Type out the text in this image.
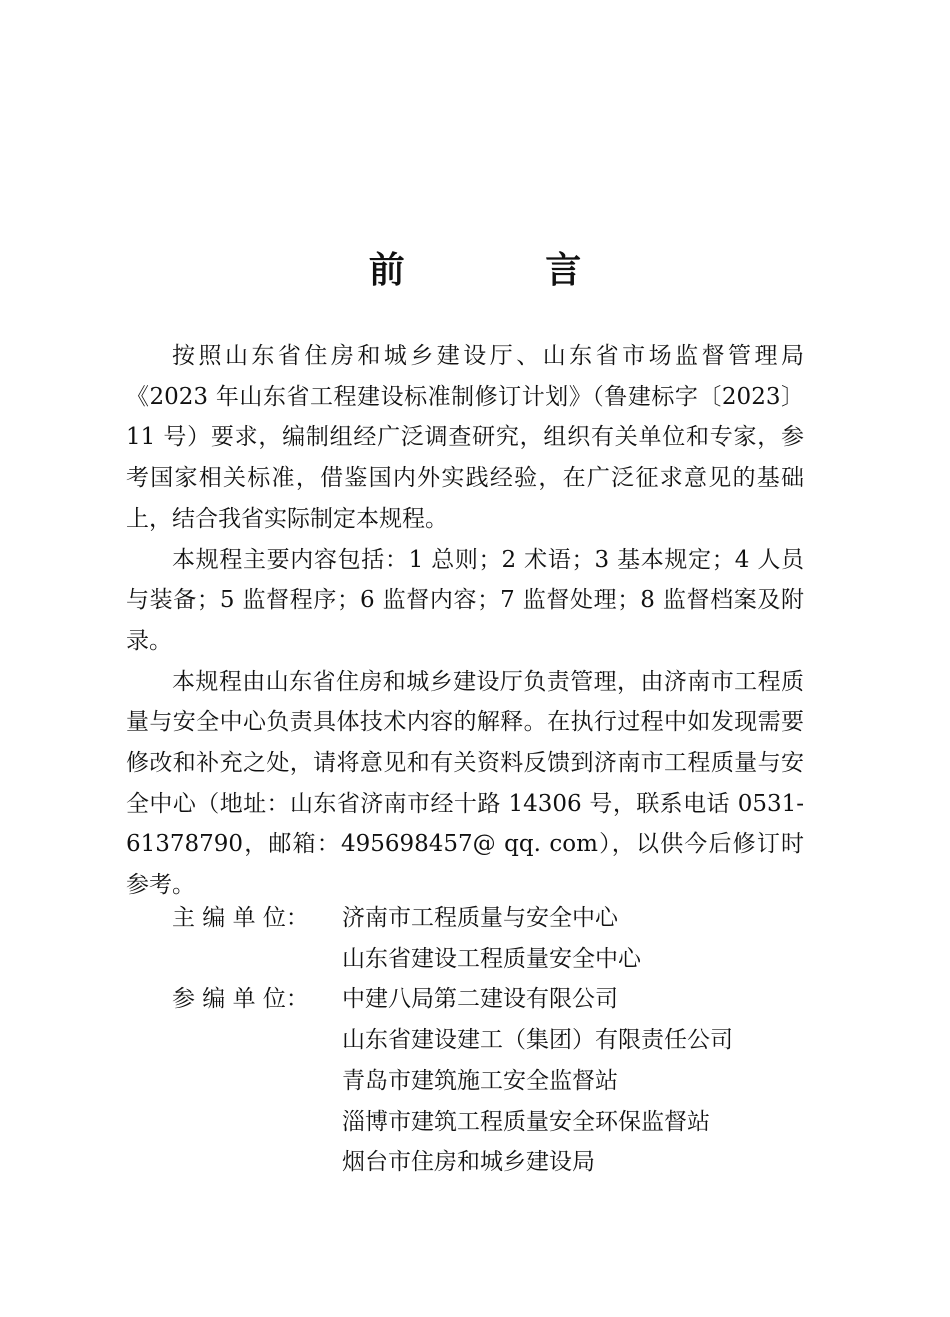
前 言

按照山东省住房和城乡建设厅、山东省市场监督管理局《2023 年山东省工程建设标准制修订计划》（鲁建标字〔2023〕11 号）要求，编制组经广泛调查研究，组织有关单位和专家，参考国家相关标准，借鉴国内外实践经验，在广泛征求意见的基础上，结合我省实际制定本规程。

本规程主要内容包括：1 总则；2 术语；3 基本规定；4 人员与装备；5 监督程序；6 监督内容；7 监督处理；8 监督档案及附录。

本规程由山东省住房和城乡建设厅负责管理，由济南市工程质量与安全中心负责具体技术内容的解释。在执行过程中如发现需要修改和补充之处，请将意见和有关资料反馈到济南市工程质量与安全中心（地址：山东省济南市经十路 14306 号，联系电话 0531-61378790，邮箱：495698457@ qq. com），以供今后修订时参考。

主 编 单 位：	济南市工程质量与安全中心
山东省建设工程质量安全中心
参 编 单 位：	中建八局第二建设有限公司
山东省建设建工（集团）有限责任公司
青岛市建筑施工安全监督站
淄博市建筑工程质量安全环保监督站
烟台市住房和城乡建设局
